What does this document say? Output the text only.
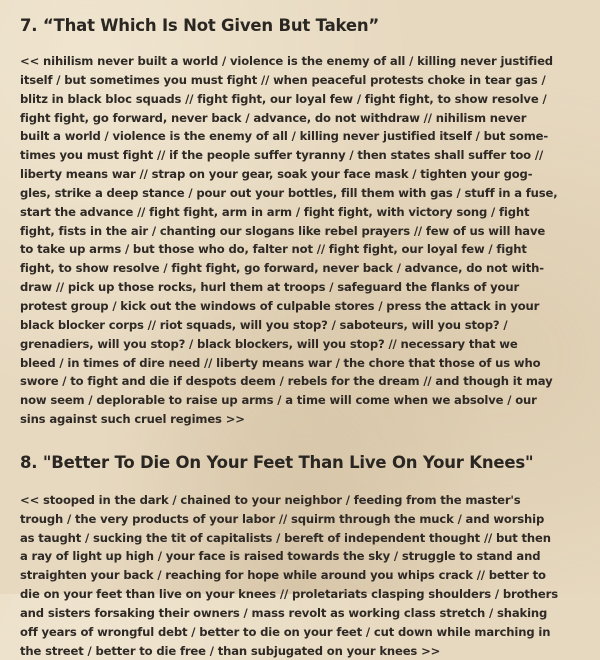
7. “That Which Is Not Given But Taken”
<< nihilism never built a world / violence is the enemy of all / killing never justified
itself / but sometimes you must fight // when peaceful protests choke in tear gas /
blitz in black bloc squads // fight fight, our loyal few / fight fight, to show resolve /
fight fight, go forward, never back / advance, do not withdraw // nihilism never
built a world / violence is the enemy of all / killing never justified itself / but some-
times you must fight // if the people suffer tyranny / then states shall suffer too //
liberty means war // strap on your gear, soak your face mask / tighten your gog-
gles, strike a deep stance / pour out your bottles, fill them with gas / stuff in a fuse,
start the advance // fight fight, arm in arm / fight fight, with victory song / fight
fight, fists in the air / chanting our slogans like rebel prayers // few of us will have
to take up arms / but those who do, falter not // fight fight, our loyal few / fight
fight, to show resolve / fight fight, go forward, never back / advance, do not with-
draw // pick up those rocks, hurl them at troops / safeguard the flanks of your
protest group / kick out the windows of culpable stores / press the attack in your
black blocker corps // riot squads, will you stop? / saboteurs, will you stop? /
grenadiers, will you stop? / black blockers, will you stop? // necessary that we
bleed / in times of dire need // liberty means war / the chore that those of us who
swore / to fight and die if despots deem / rebels for the dream // and though it may
now seem / deplorable to raise up arms / a time will come when we absolve / our
sins against such cruel regimes >>
8. "Better To Die On Your Feet Than Live On Your Knees"
<< stooped in the dark / chained to your neighbor / feeding from the master's
trough / the very products of your labor // squirm through the muck / and worship
as taught / sucking the tit of capitalists / bereft of independent thought // but then
a ray of light up high / your face is raised towards the sky / struggle to stand and
straighten your back / reaching for hope while around you whips crack // better to
die on your feet than live on your knees // proletariats clasping shoulders / brothers
and sisters forsaking their owners / mass revolt as working class stretch / shaking
off years of wrongful debt / better to die on your feet / cut down while marching in
the street / better to die free / than subjugated on your knees >>
